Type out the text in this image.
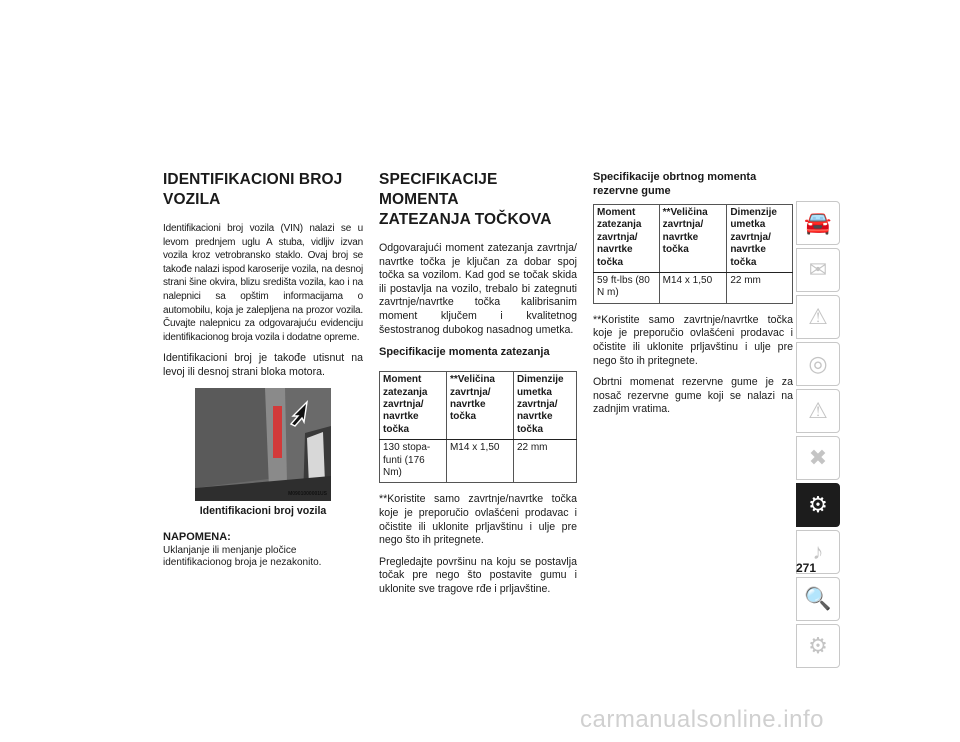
IDENTIFIKACIONI BROJ
VOZILA

Identifikacioni broj vozila (VIN) nalazi se u levom prednjem uglu A stuba, vidljiv izvan vozila kroz vetrobransko staklo. Ovaj broj se takođe nalazi ispod karoserije vozila, na desnoj strani šine okvira, blizu središta vozila, kao i na nalepnici sa opštim informacijama o automobilu, koja je zalepljena na prozor vozila. Čuvajte nalepnicu za odgovarajuću evidenciju identifikacionog broja vozila i dodatne opreme.

Identifikacioni broj je takođe utisnut na levoj ili desnoj strani bloka motora.

M0901000001US
Identifikacioni broj vozila
NAPOMENA:

Uklanjanje ili menjanje pločice identifikacionog broja je nezakonito.

SPECIFIKACIJE MOMENTA
ZATEZANJA TOČKOVA

Odgovarajući moment zatezanja zavrtnja/ navrtke točka je ključan za dobar spoj točka sa vozilom. Kad god se točak skida ili postavlja na vozilo, trebalo bi zategnuti zavrtnje/navrtke točka kalibrisanim moment ključem i kvalitetnog šestostranog dubokog nasadnog umetka.

Specifikacije momenta zatezanja
Moment zatezanja zavrtnja/ navrtke točka	**Veličina zavrtnja/ navrtke točka	Dimenzije umetka zavrtnja/ navrtke točka
130 stopa-funti (176 Nm)	M14 x 1,50	22 mm

**Koristite samo zavrtnje/navrtke točka koje je preporučio ovlašćeni prodavac i očistite ili uklonite prljavštinu i ulje pre nego što ih pritegnete.

Pregledajte površinu na koju se postavlja točak pre nego što postavite gumu i uklonite sve tragove rđe i prljavštine.

Specifikacije obrtnog momenta rezervne gume
Moment zatezanja zavrtnja/ navrtke točka	**Veličina zavrtnja/ navrtke točka	Dimenzije umetka zavrtnja/ navrtke točka
59 ft-lbs (80 N m)	M14 x 1,50	22 mm

**Koristite samo zavrtnje/navrtke točka koje je preporučio ovlašćeni prodavac i očistite ili uklonite prljavštinu i ulje pre nego što ih pritegnete.

Obrtni momenat rezervne gume je za nosač rezervne gume koji se nalazi na zadnjim vratima.

🚘
✉
⚠
◎
⚠
✖
⚙
♪
🔍
⚙
271
carmanualsonline.info
